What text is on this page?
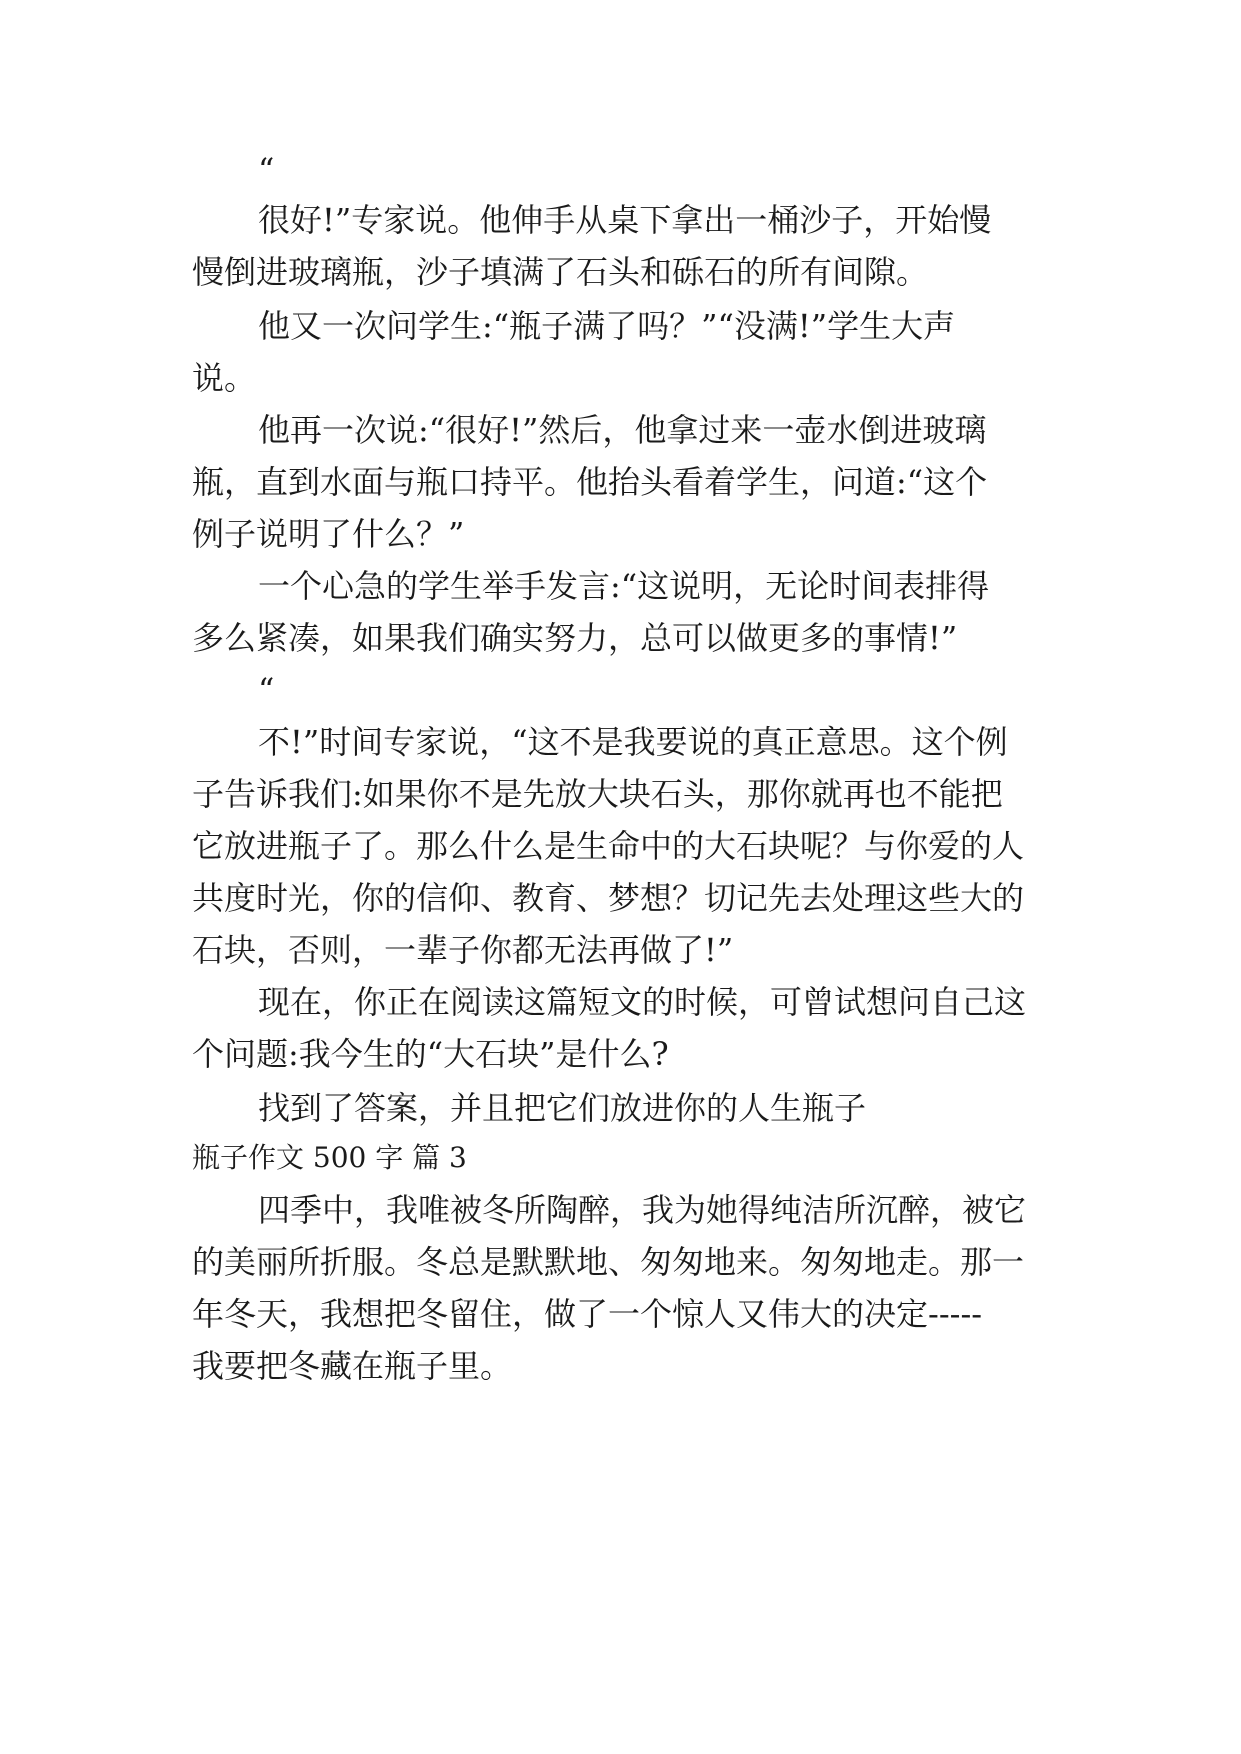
“
很好!”专家说。他伸手从桌下拿出一桶沙子，开始慢
慢倒进玻璃瓶，沙子填满了石头和砾石的所有间隙。
他又一次问学生:“瓶子满了吗？”“没满!”学生大声
说。
他再一次说:“很好!”然后，他拿过来一壶水倒进玻璃
瓶，直到水面与瓶口持平。他抬头看着学生，问道:“这个
例子说明了什么？”
一个心急的学生举手发言:“这说明，无论时间表排得
多么紧凑，如果我们确实努力，总可以做更多的事情!”
“
不!”时间专家说，“这不是我要说的真正意思。这个例
子告诉我们:如果你不是先放大块石头，那你就再也不能把
它放进瓶子了。那么什么是生命中的大石块呢？与你爱的人
共度时光，你的信仰、教育、梦想？切记先去处理这些大的
石块，否则，一辈子你都无法再做了!”
现在，你正在阅读这篇短文的时候，可曾试想问自己这
个问题:我今生的“大石块”是什么?
找到了答案，并且把它们放进你的人生瓶子
瓶子作文 500 字 篇 3
四季中，我唯被冬所陶醉，我为她得纯洁所沉醉，被它
的美丽所折服。冬总是默默地、匆匆地来。匆匆地走。那一
年冬天，我想把冬留住，做了一个惊人又伟大的决定-----
我要把冬藏在瓶子里。
